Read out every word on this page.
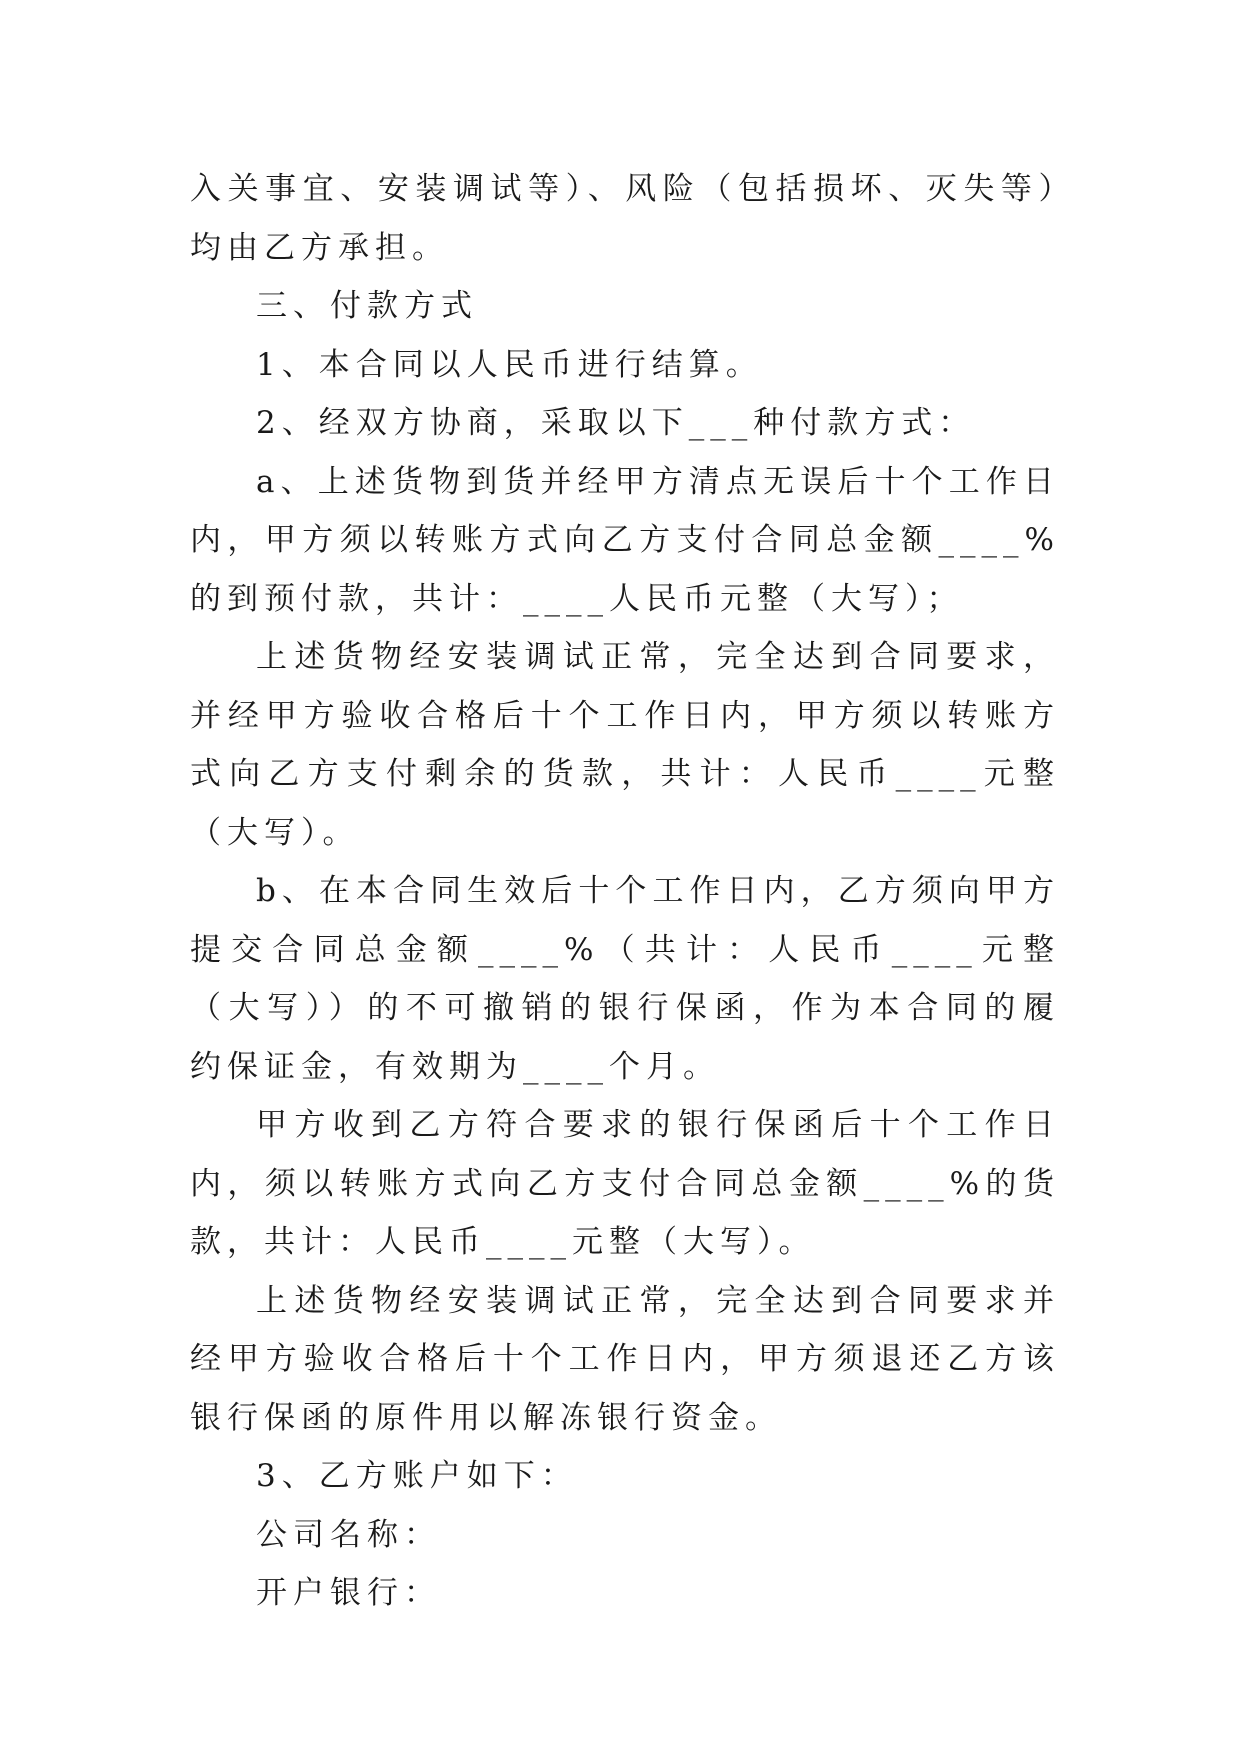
入关事宜、安装调试等）、风险（包括损坏、灭失等）均由乙方承担。

三、付款方式

1、本合同以人民币进行结算。

2、经双方协商，采取以下___种付款方式：

a、上述货物到货并经甲方清点无误后十个工作日内，甲方须以转账方式向乙方支付合同总金额____%的到预付款，共计：____人民币元整（大写）；

上述货物经安装调试正常，完全达到合同要求，并经甲方验收合格后十个工作日内，甲方须以转账方式向乙方支付剩余的货款，共计：人民币____元整（大写）。

b、在本合同生效后十个工作日内，乙方须向甲方提交合同总金额____%（共计：人民币____元整（大写））的不可撤销的银行保函，作为本合同的履约保证金，有效期为____个月。

甲方收到乙方符合要求的银行保函后十个工作日内，须以转账方式向乙方支付合同总金额____%的货款，共计：人民币____元整（大写）。

上述货物经安装调试正常，完全达到合同要求并经甲方验收合格后十个工作日内，甲方须退还乙方该银行保函的原件用以解冻银行资金。

3、乙方账户如下：

公司名称：

开户银行：
